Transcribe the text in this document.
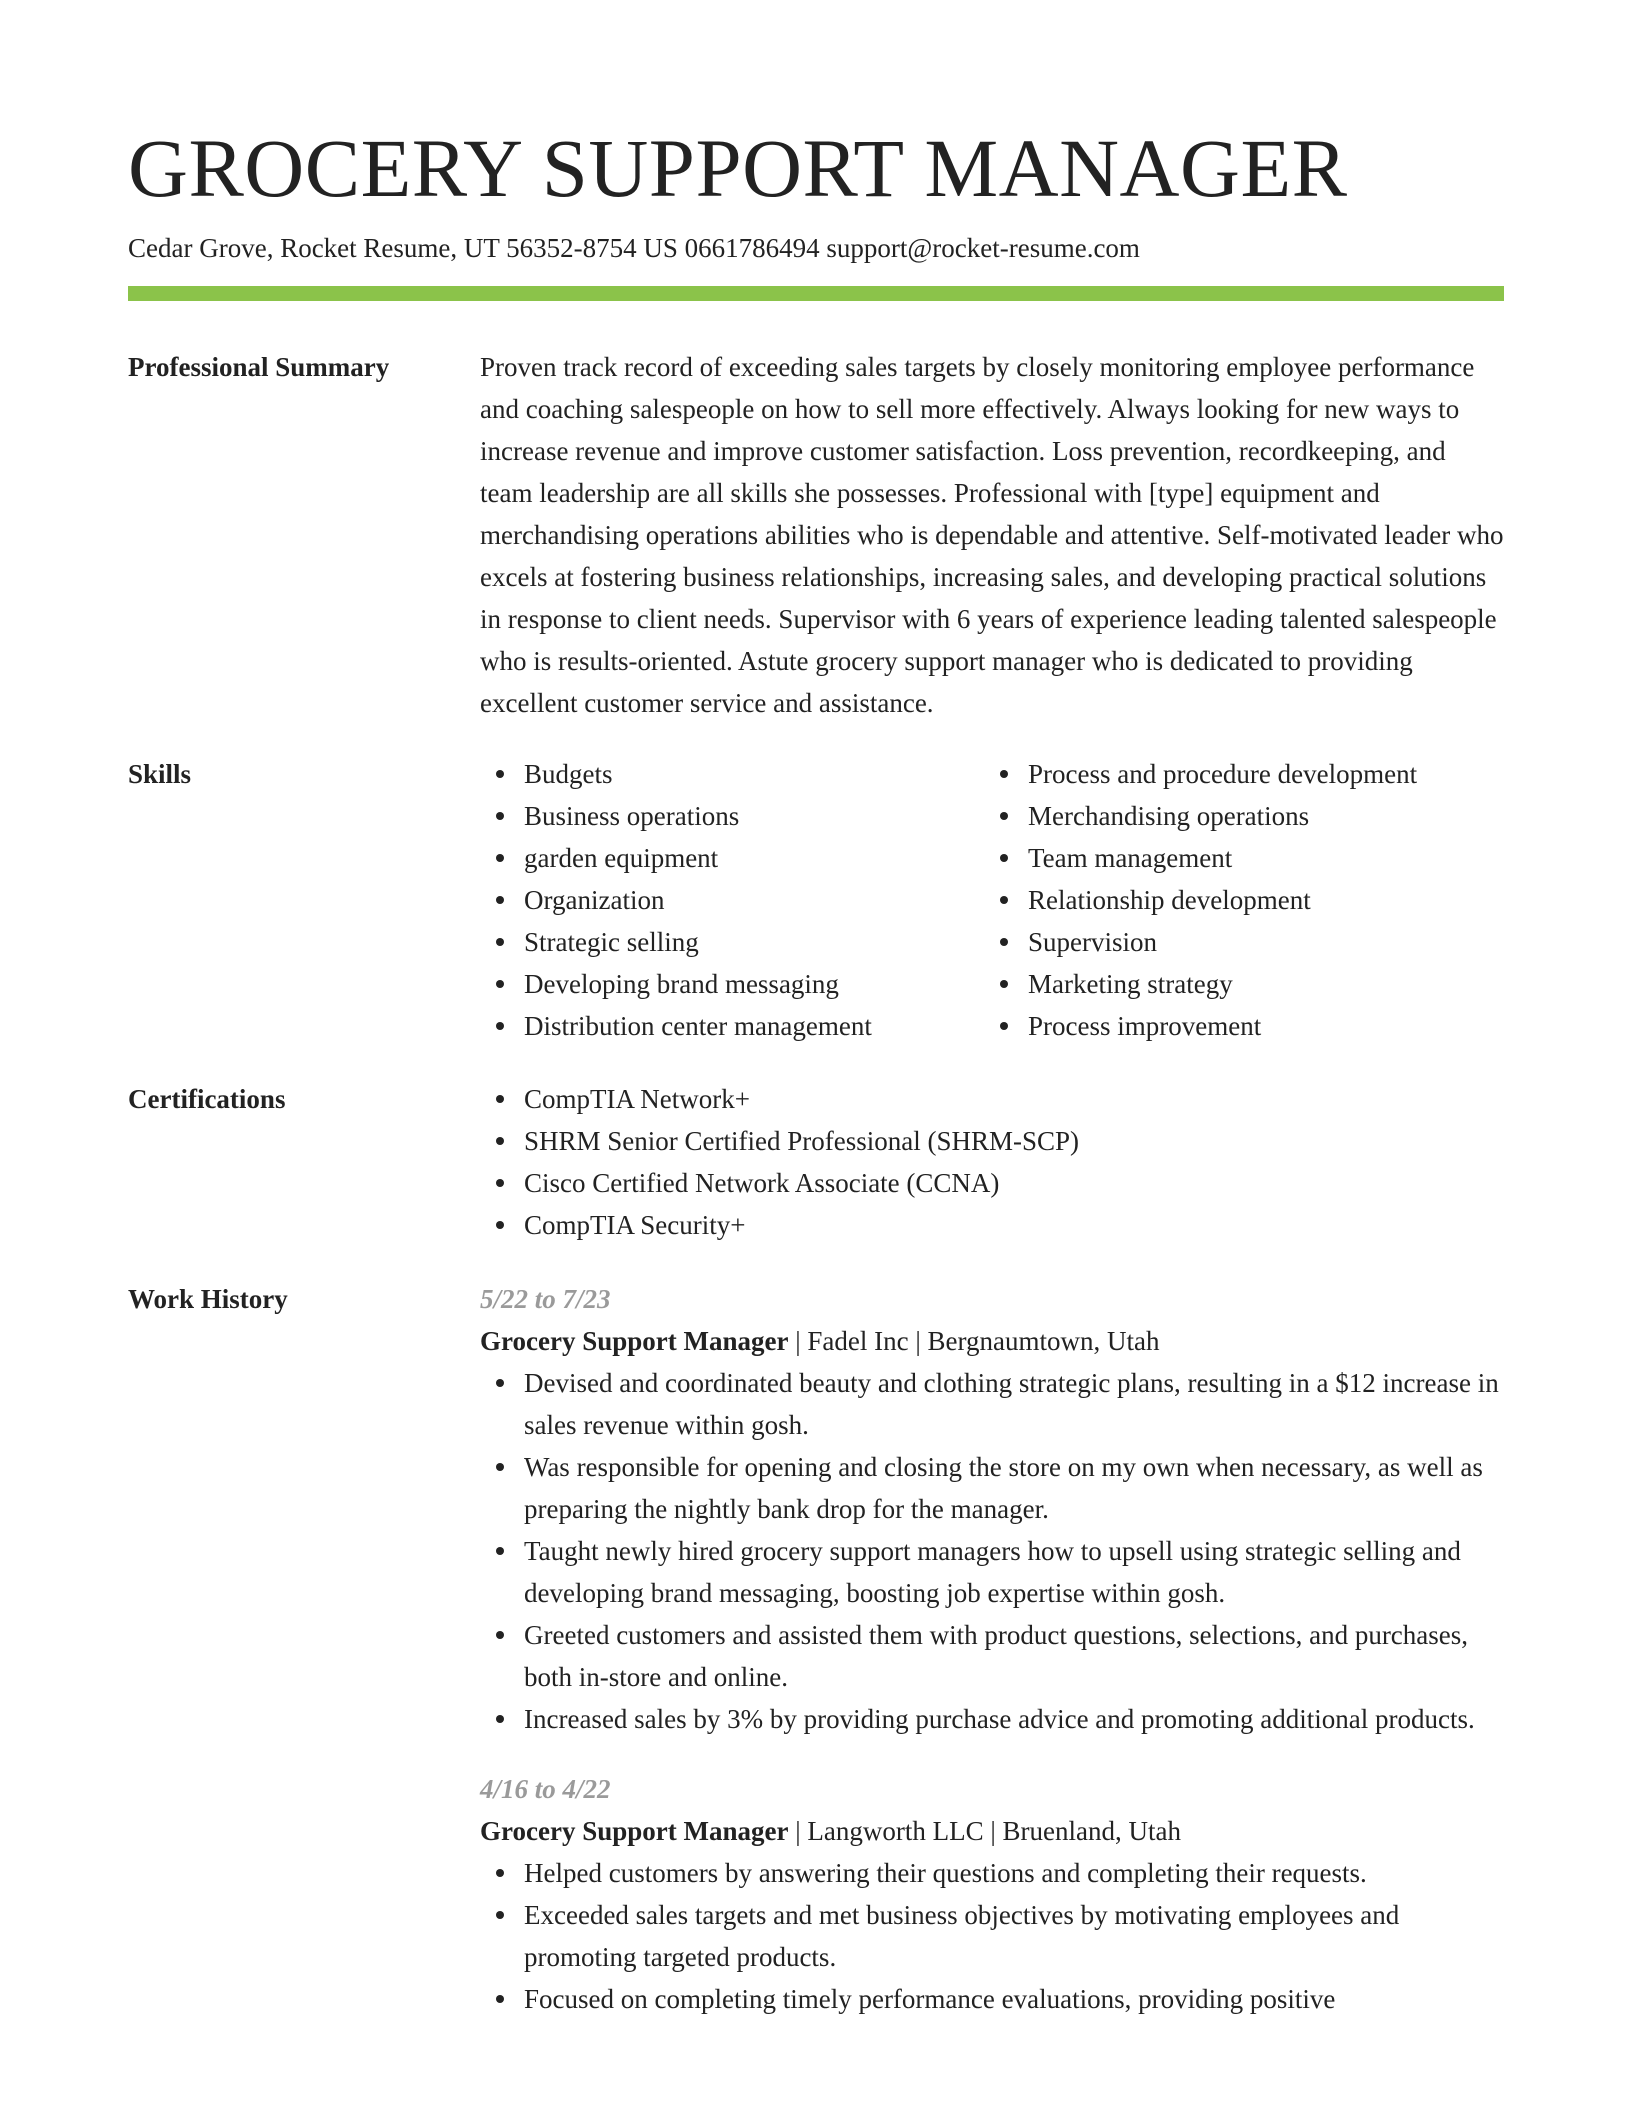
GROCERY SUPPORT MANAGER
Cedar Grove, Rocket Resume, UT 56352-8754 US 0661786494 support@rocket-resume.com
Professional Summary	Proven track record of exceeding sales targets by closely monitoring employee performance and coaching salespeople on how to sell more effectively. Always looking for new ways to increase revenue and improve customer satisfaction. Loss prevention, recordkeeping, and team leadership are all skills she possesses. Professional with [type] equipment and merchandising operations abilities who is dependable and attentive. Self-motivated leader who excels at fostering business relationships, increasing sales, and developing practical solutions in response to client needs. Supervisor with 6 years of experience leading talented salespeople who is results-oriented. Astute grocery support manager who is dedicated to providing excellent customer service and assistance.

Skills	Budgets
Business operations
garden equipment
Organization
Strategic selling
Developing brand messaging
Distribution center management
Process and procedure development
Merchandising operations
Team management
Relationship development
Supervision
Marketing strategy
Process improvement
Certifications	CompTIA Network+
SHRM Senior Certified Professional (SHRM-SCP)
Cisco Certified Network Associate (CCNA)
CompTIA Security+
Work History	5/22 to 7/23
Grocery Support Manager | Fadel Inc | Bergnaumtown, Utah
Devised and coordinated beauty and clothing strategic plans, resulting in a $12 increase in sales revenue within gosh.
Was responsible for opening and closing the store on my own when necessary, as well as preparing the nightly bank drop for the manager.
Taught newly hired grocery support managers how to upsell using strategic selling and developing brand messaging, boosting job expertise within gosh.
Greeted customers and assisted them with product questions, selections, and purchases, both in-store and online.
Increased sales by 3% by providing purchase advice and promoting additional products.
4/16 to 4/22
Grocery Support Manager | Langworth LLC | Bruenland, Utah
Helped customers by answering their questions and completing their requests.
Exceeded sales targets and met business objectives by motivating employees and promoting targeted products.
Focused on completing timely performance evaluations, providing positive
